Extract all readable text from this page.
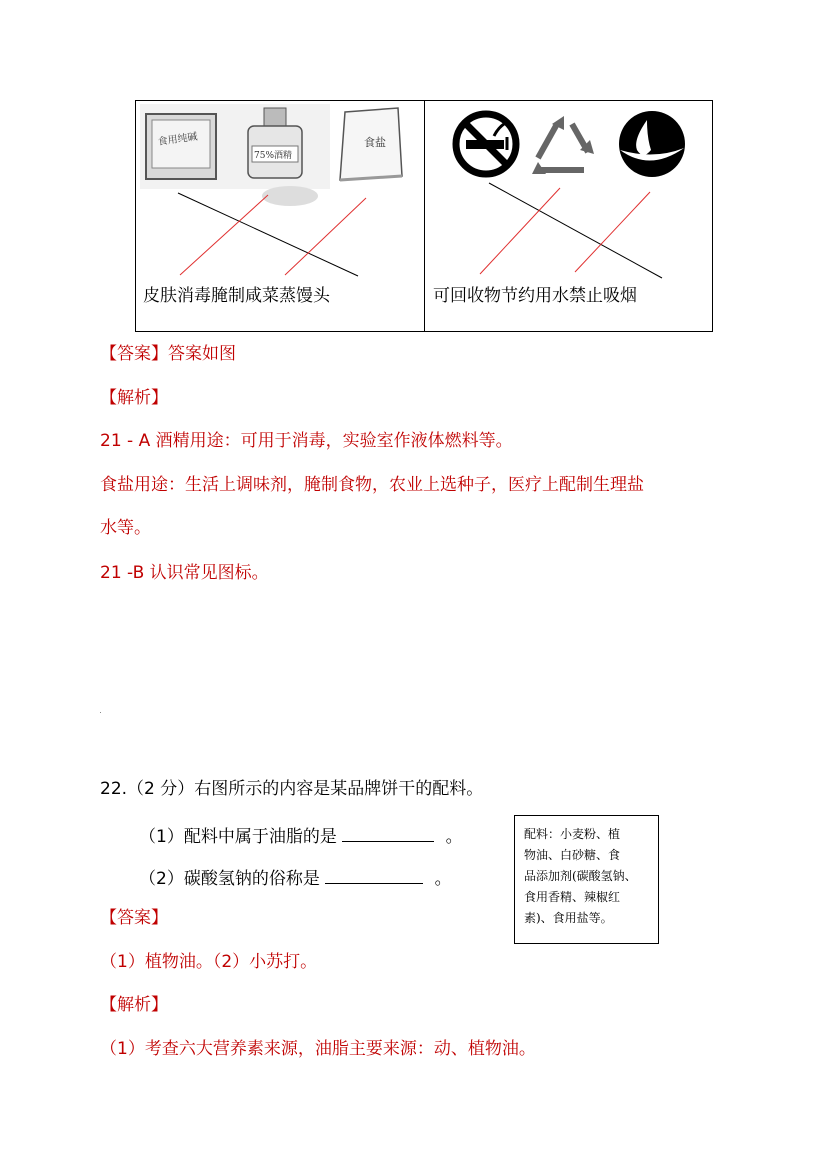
食用纯碱
75%酒精
食盐
皮肤消毒腌制咸菜蒸馒头	可回收物节约用水禁止吸烟
【答案】答案如图
【解析】
21 - A 酒精用途：可用于消毒，实验室作液体燃料等。
食盐用途：生活上调味剂，腌制食物，农业上选种子，医疗上配制生理盐
水等。
21 -B 认识常见图标。
22.（2 分）右图所示的内容是某品牌饼干的配料。
（1）配料中属于油脂的是	。
（2）碳酸氢钠的俗称是	。
配料：小麦粉、植
物油、白砂糖、食
品添加剂(碳酸氢钠、
食用香精、辣椒红
素)、食用盐等。
【答案】
（1）植物油。（2）小苏打。
【解析】
（1）考查六大营养素来源，油脂主要来源：动、植物油。
